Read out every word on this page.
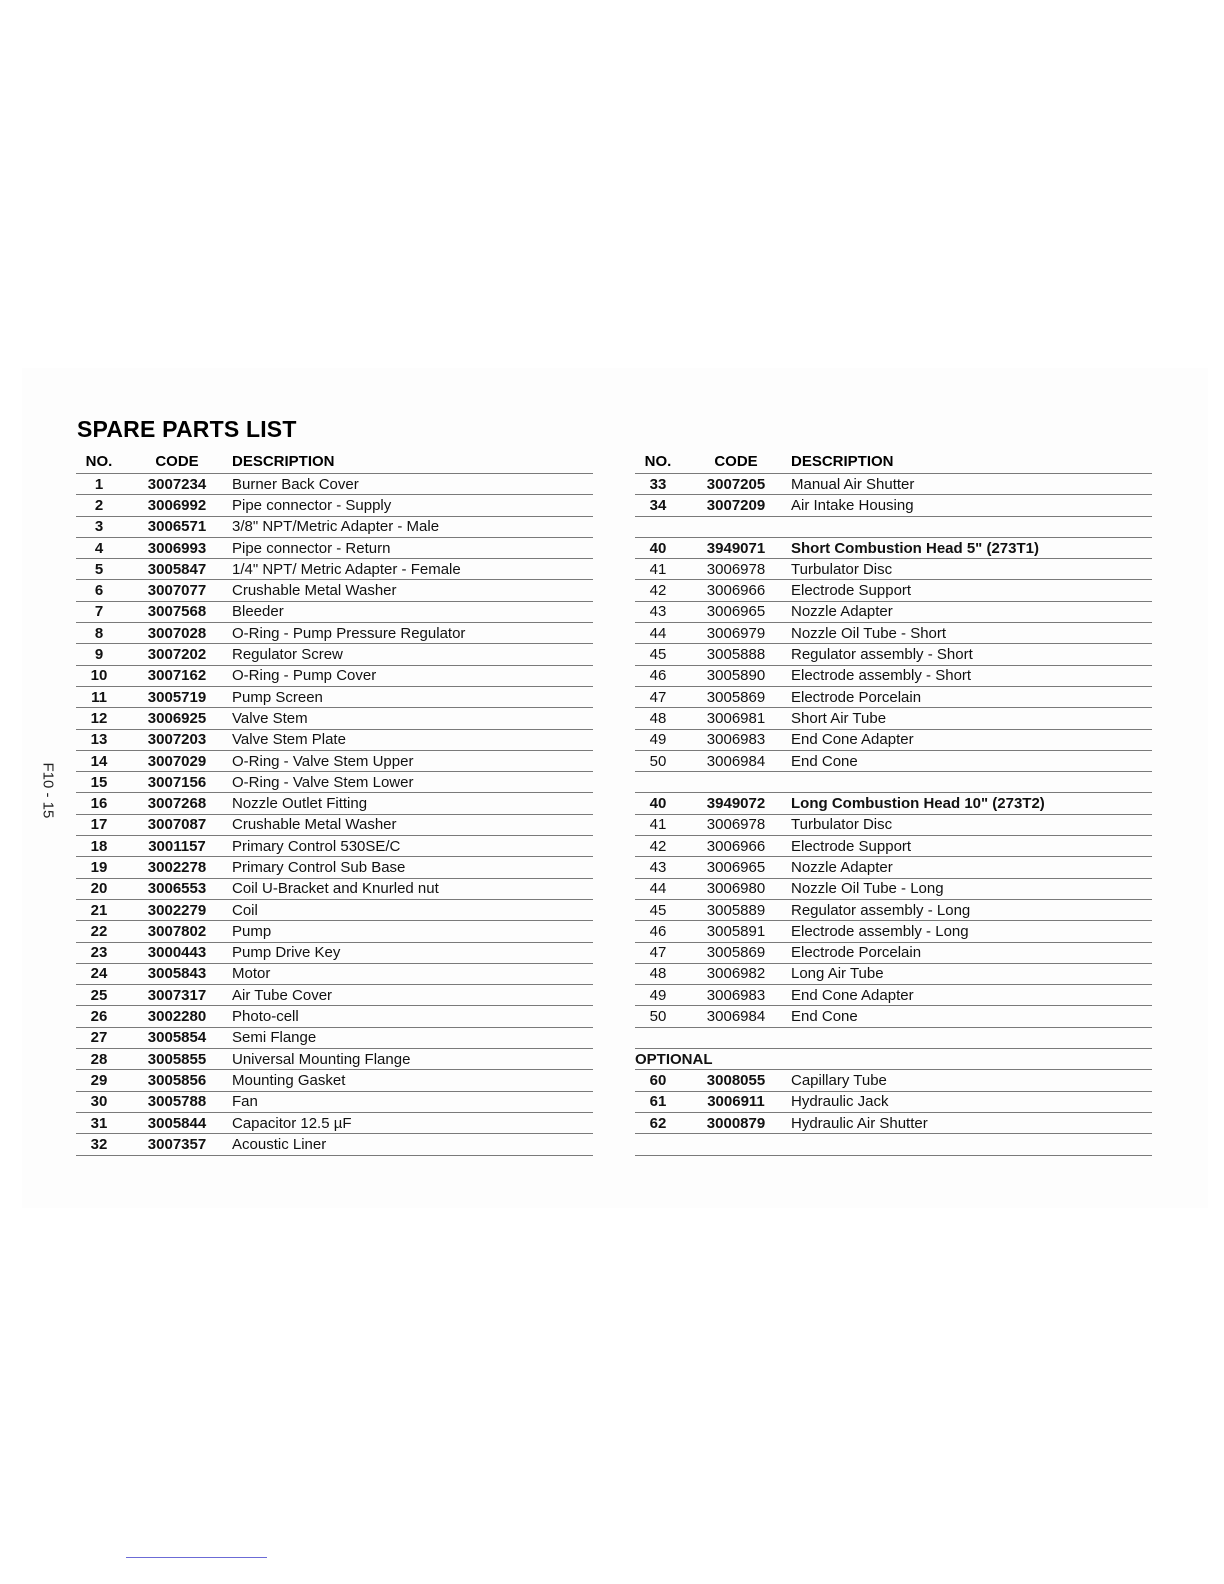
SPARE PARTS LIST
F10 - 15
NO.	CODE	DESCRIPTION
1	3007234	Burner Back Cover
2	3006992	Pipe connector - Supply
3	3006571	3/8" NPT/Metric Adapter - Male
4	3006993	Pipe connector - Return
5	3005847	1/4" NPT/ Metric Adapter - Female
6	3007077	Crushable Metal Washer
7	3007568	Bleeder
8	3007028	O-Ring - Pump Pressure Regulator
9	3007202	Regulator Screw
10	3007162	O-Ring - Pump Cover
11	3005719	Pump Screen
12	3006925	Valve Stem
13	3007203	Valve Stem Plate
14	3007029	O-Ring - Valve Stem Upper
15	3007156	O-Ring - Valve Stem Lower
16	3007268	Nozzle Outlet Fitting
17	3007087	Crushable Metal Washer
18	3001157	Primary Control 530SE/C
19	3002278	Primary Control Sub Base
20	3006553	Coil U-Bracket and Knurled nut
21	3002279	Coil
22	3007802	Pump
23	3000443	Pump Drive Key
24	3005843	Motor
25	3007317	Air Tube Cover
26	3002280	Photo-cell
27	3005854	Semi Flange
28	3005855	Universal Mounting Flange
29	3005856	Mounting Gasket
30	3005788	Fan
31	3005844	Capacitor 12.5 µF
32	3007357	Acoustic Liner
NO.	CODE	DESCRIPTION
33	3007205	Manual Air Shutter
34	3007209	Air Intake Housing
40	3949071	Short Combustion Head 5" (273T1)
41	3006978	Turbulator Disc
42	3006966	Electrode Support
43	3006965	Nozzle Adapter
44	3006979	Nozzle Oil Tube - Short
45	3005888	Regulator assembly - Short
46	3005890	Electrode assembly - Short
47	3005869	Electrode Porcelain
48	3006981	Short Air Tube
49	3006983	End Cone Adapter
50	3006984	End Cone
40	3949072	Long Combustion Head 10" (273T2)
41	3006978	Turbulator Disc
42	3006966	Electrode Support
43	3006965	Nozzle Adapter
44	3006980	Nozzle Oil Tube - Long
45	3005889	Regulator assembly - Long
46	3005891	Electrode assembly - Long
47	3005869	Electrode Porcelain
48	3006982	Long Air Tube
49	3006983	End Cone Adapter
50	3006984	End Cone
OPTIONAL
60	3008055	Capillary Tube
61	3006911	Hydraulic Jack
62	3000879	Hydraulic Air Shutter
